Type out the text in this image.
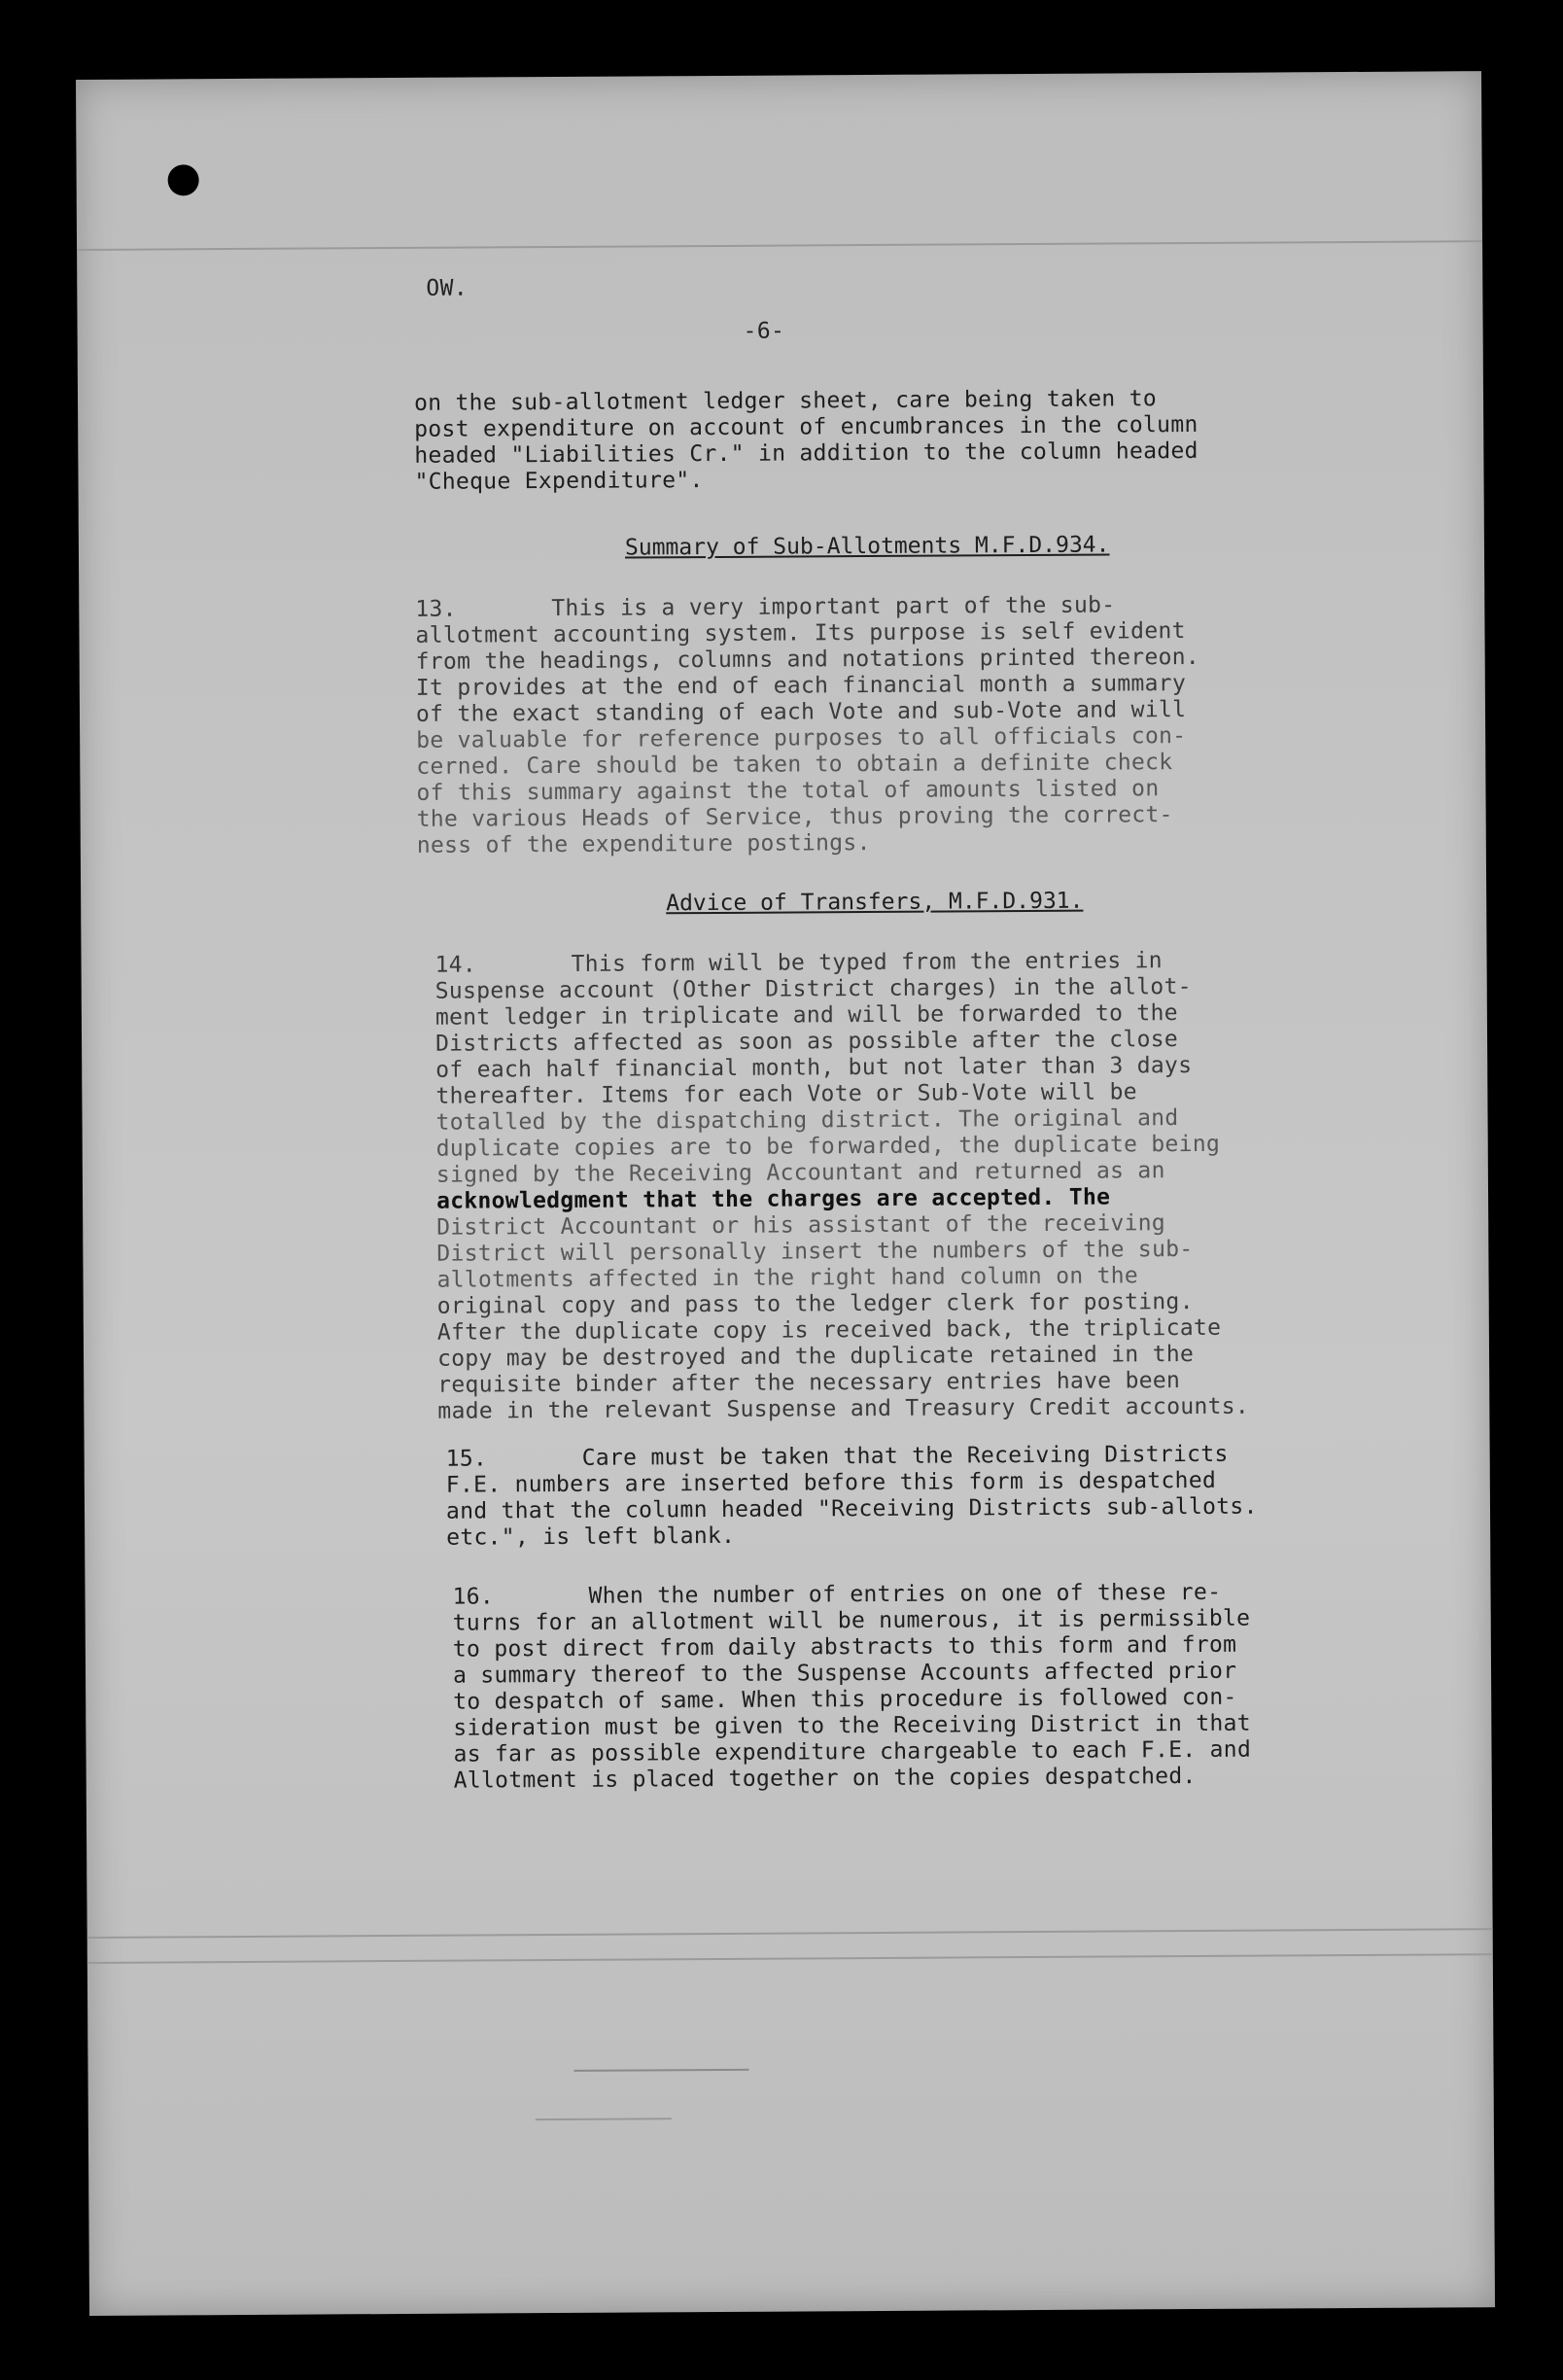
OW.
-6-
on the sub-allotment ledger sheet, care being taken to
post expenditure on account of encumbrances in the column
headed "Liabilities Cr." in addition to the column headed
"Cheque Expenditure".
Summary of Sub-Allotments M.F.D.934.
13.	This is a very important part of the sub-
allotment accounting system. Its purpose is self evident
from the headings, columns and notations printed thereon.
It provides at the end of each financial month a summary
of the exact standing of each Vote and sub-Vote and will
be valuable for reference purposes to all officials con-
cerned. Care should be taken to obtain a definite check
of this summary against the total of amounts listed on
the various Heads of Service, thus proving the correct-
ness of the expenditure postings.
Advice of Transfers, M.F.D.931.
14.	This form will be typed from the entries in
Suspense account (Other District charges) in the allot-
ment ledger in triplicate and will be forwarded to the
Districts affected as soon as possible after the close
of each half financial month, but not later than 3 days
thereafter. Items for each Vote or Sub-Vote will be
totalled by the dispatching district. The original and
duplicate copies are to be forwarded, the duplicate being
signed by the Receiving Accountant and returned as an
acknowledgment that the charges are accepted. The
District Accountant or his assistant of the receiving
District will personally insert the numbers of the sub-
allotments affected in the right hand column on the
original copy and pass to the ledger clerk for posting.
After the duplicate copy is received back, the triplicate
copy may be destroyed and the duplicate retained in the
requisite binder after the necessary entries have been
made in the relevant Suspense and Treasury Credit accounts.
15.	Care must be taken that the Receiving Districts
F.E. numbers are inserted before this form is despatched
and that the column headed "Receiving Districts sub-allots.
etc.", is left blank.
16.	When the number of entries on one of these re-
turns for an allotment will be numerous, it is permissible
to post direct from daily abstracts to this form and from
a summary thereof to the Suspense Accounts affected prior
to despatch of same. When this procedure is followed con-
sideration must be given to the Receiving District in that
as far as possible expenditure chargeable to each F.E. and
Allotment is placed together on the copies despatched.
